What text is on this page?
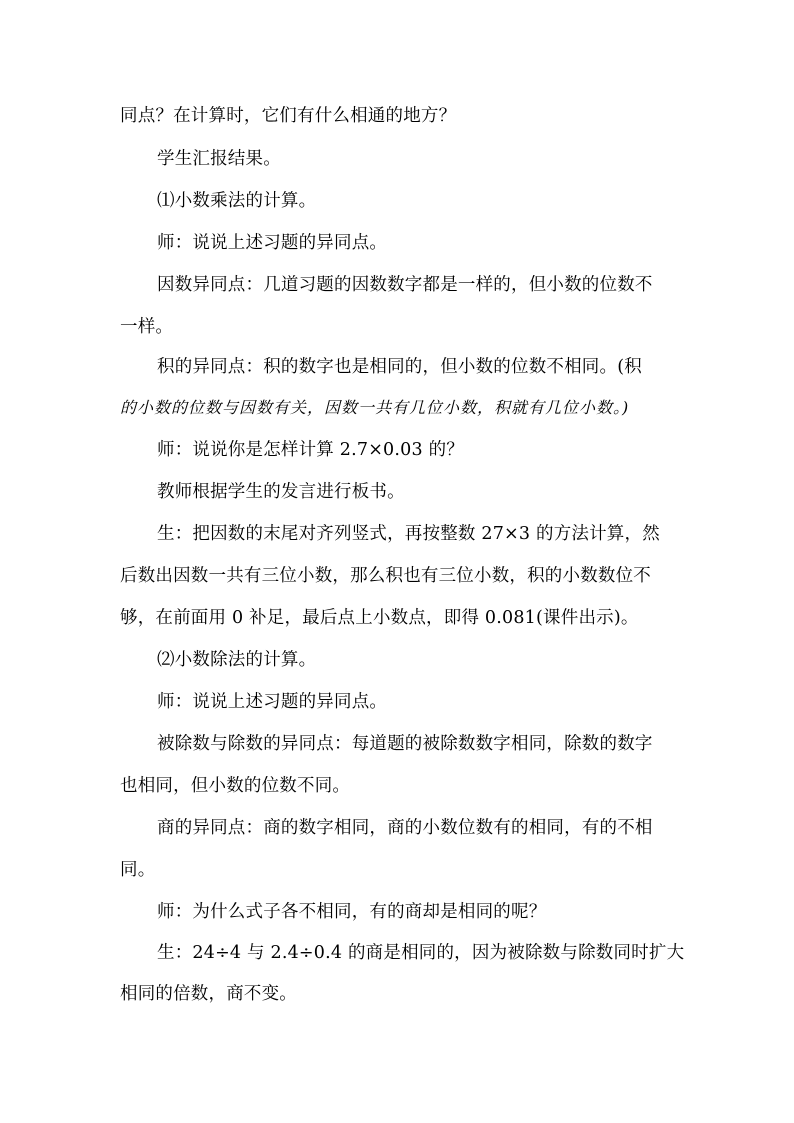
同点？在计算时，它们有什么相通的地方？
学生汇报结果。
⑴小数乘法的计算。
师：说说上述习题的异同点。
因数异同点：几道习题的因数数字都是一样的，但小数的位数不
一样。
积的异同点：积的数字也是相同的，但小数的位数不相同。(积
的小数的位数与因数有关，因数一共有几位小数，积就有几位小数。)
师：说说你是怎样计算 2.7×0.03 的？
教师根据学生的发言进行板书。
生：把因数的末尾对齐列竖式，再按整数 27×3 的方法计算，然
后数出因数一共有三位小数，那么积也有三位小数，积的小数数位不
够，在前面用 0 补足，最后点上小数点，即得 0.081(课件出示)。
⑵小数除法的计算。
师：说说上述习题的异同点。
被除数与除数的异同点：每道题的被除数数字相同，除数的数字
也相同，但小数的位数不同。
商的异同点：商的数字相同，商的小数位数有的相同，有的不相
同。
师：为什么式子各不相同，有的商却是相同的呢？
生：24÷4 与 2.4÷0.4 的商是相同的，因为被除数与除数同时扩大
相同的倍数，商不变。
